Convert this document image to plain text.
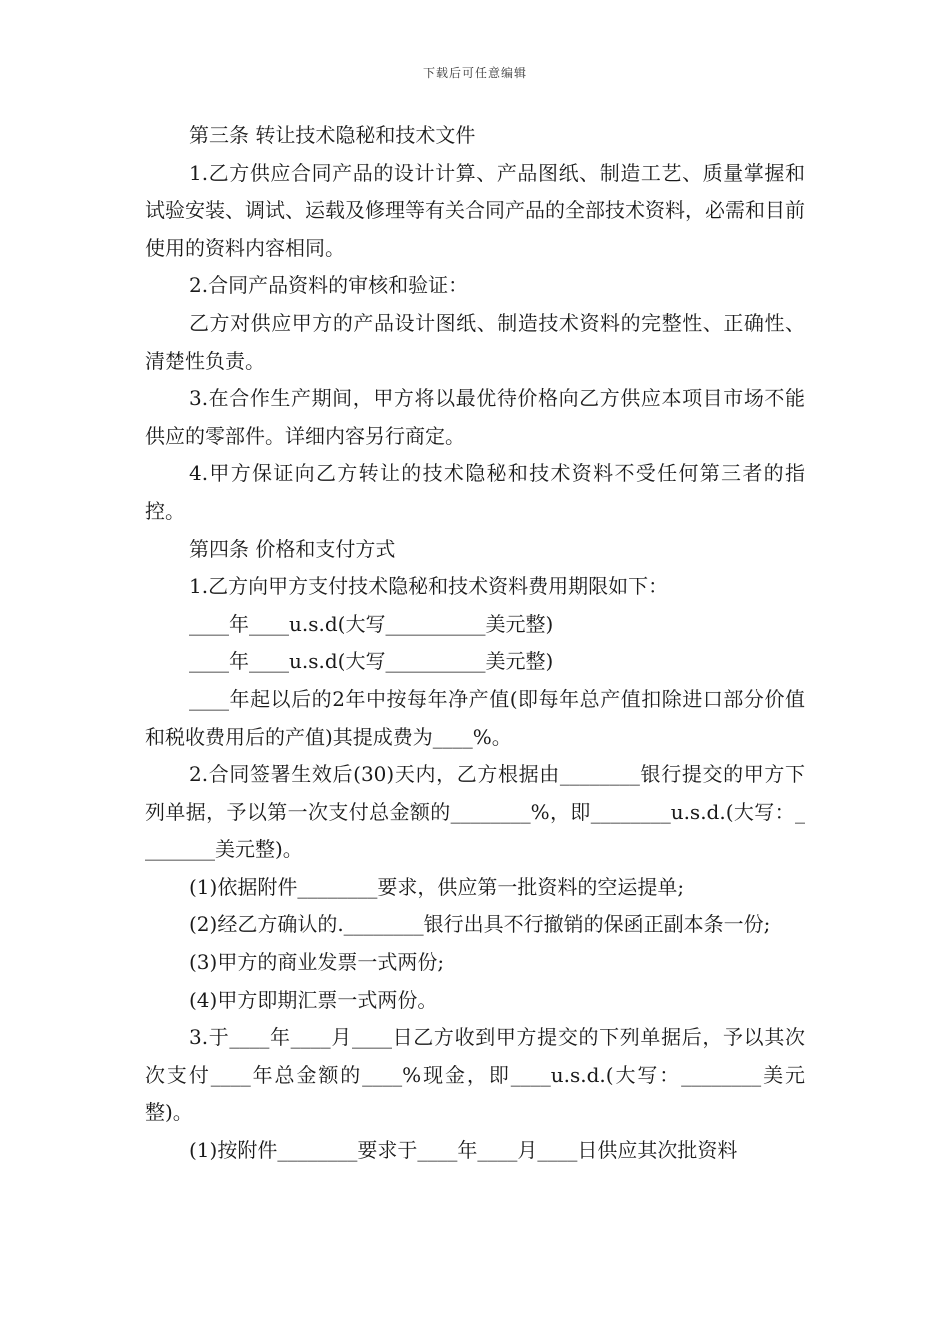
下载后可任意编辑

第三条 转让技术隐秘和技术文件

1.乙方供应合同产品的设计计算、产品图纸、制造工艺、质量掌握和试验安装、调试、运载及修理等有关合同产品的全部技术资料，必需和目前使用的资料内容相同。

2.合同产品资料的审核和验证：

乙方对供应甲方的产品设计图纸、制造技术资料的完整性、正确性、清楚性负责。

3.在合作生产期间，甲方将以最优待价格向乙方供应本项目市场不能供应的零部件。详细内容另行商定。

4.甲方保证向乙方转让的技术隐秘和技术资料不受任何第三者的指控。

第四条 价格和支付方式

1.乙方向甲方支付技术隐秘和技术资料费用期限如下：

____年____u.s.d(大写__________美元整)

____年____u.s.d(大写__________美元整)

____年起以后的2年中按每年净产值(即每年总产值扣除进口部分价值和税收费用后的产值)其提成费为____%。

2.合同签署生效后(30)天内，乙方根据由________银行提交的甲方下列单据，予以第一次支付总金额的________%，即________u.s.d.(大写：________美元整)。

(1)依据附件________要求，供应第一批资料的空运提单;

(2)经乙方确认的.________银行出具不行撤销的保函正副本条一份;

(3)甲方的商业发票一式两份;

(4)甲方即期汇票一式两份。

3.于____年____月____日乙方收到甲方提交的下列单据后，予以其次次支付____年总金额的____%现金，即____u.s.d.(大写：________美元整)。

(1)按附件________要求于____年____月____日供应其次批资料
